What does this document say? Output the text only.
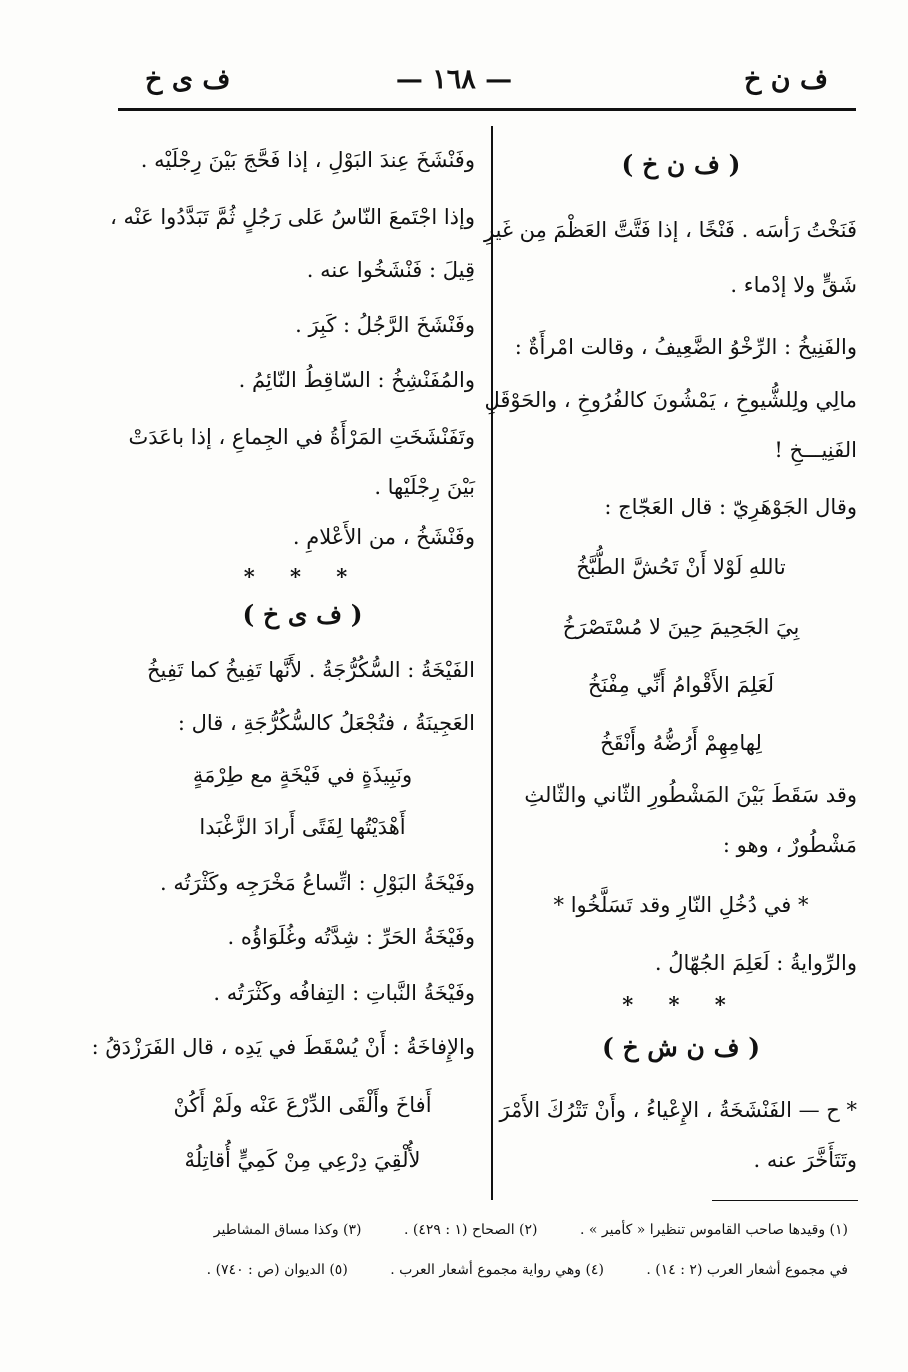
ف ن خ
— ١٦٨ —
ف ى خ
( ف ن خ )
فَنَخْتُ رَأسَه . فَنْخًا ، إذا فَتَّتَّ العَظْمَ مِن غَيرِ
شَقٍّ ولا إدْماء .
والفَنِيخُ : الرِّخْوُ الضَّعِيفُ ، وقالت امْرأَةٌ :
مالِي ولِلشُّيوخِ ، يَمْشُونَ كالفُرُوخِ ، والحَوْقَلِ
الفَنِيـــخِ !
وقال الجَوْهَرِيّ : قال العَجّاج :
تاللهِ لَوْلا أَنْ تَحُشَّ الطُّبَّخُ
بِيَ الجَحِيمَ حِينَ لا مُسْتَصْرَخُ
لَعَلِمَ الأَقْوامُ أَنِّي مِفْنَخُ
لِهامِهِمْ أَرُضُّهُ وأَنْقَخُ
وقد سَقَطَ بَيْنَ المَشْطُورِ الثّاني والثّالثِ
مَشْطُورٌ ، وهو :
* في دُخُلِ النّارِ وقد تَسَلَّخُوا *
والرِّوايةُ : لَعَلِمَ الجُهّالُ .
* * *
( ف ن ش خ )
* ح — الفَنْشَخَةُ ، الإِعْياءُ ، وأَنْ تَتْرُكَ الأَمْرَ
وتَتَأَخَّرَ عنه .
وفَنْشَخَ عِندَ البَوْلِ ، إذا فَحَّجَ بَيْنَ رِجْلَيْه .
وإذا اجْتَمعَ النّاسُ عَلى رَجُلٍ ثُمَّ تَبَدَّدُوا عَنْه ،
قِيلَ : فَنْشَخُوا عنه .
وفَنْشَخَ الرَّجُلُ : كَبِرَ .
والمُفَنْشِخُ : السّاقِطُ النّائِمُ .
وتَفَنْشَخَتِ المَرْأَةُ في الجِماعِ ، إذا باعَدَتْ
بَيْنَ رِجْلَيْها .
وفَنْشَخُ ، من الأَعْلامِ .
* * *
( ف ى خ )
الفَيْخَةُ : السُّكُرُّجَةُ . لأَنَّها تَفِيخُ كما تَفِيخُ
العَجِينَةُ ، فتُجْعَلُ كالسُّكُرُّجَةِ ، قال :
ونَبِيذَةٍ في فَيْخَةٍ مع طِرْمَةٍ
أَهْدَيْتُها لِفَتًى أَرادَ الزَّغْبَدا
وفَيْخَةُ البَوْلِ : اتِّساعُ مَخْرَجِه وكَثْرَتُه .
وفَيْخَةُ الحَرِّ : شِدَّتُه وغُلَوَاؤُه .
وفَيْخَةُ النَّباتِ : التِفافُه وكَثْرَتُه .
والإِفاخَةُ : أَنْ يُسْقَطَ في يَدِه ، قال الفَرَزْدَقُ :
أَفاخَ وأَلْقَى الدِّرْعَ عَنْه ولَمْ أَكُنْ
لأُلْقِيَ دِرْعِي مِنْ كَمِيٍّ أُقاتِلُهْ
(١) وقيدها صاحب القاموس تنظيرا « كأمير » . (٢) الصحاح (١ : ٤٢٩) . (٣) وكذا مساق المشاطير
في مجموع أشعار العرب (٢ : ١٤) . (٤) وهي رواية مجموع أشعار العرب . (٥) الديوان (ص : ٧٤٠) .
